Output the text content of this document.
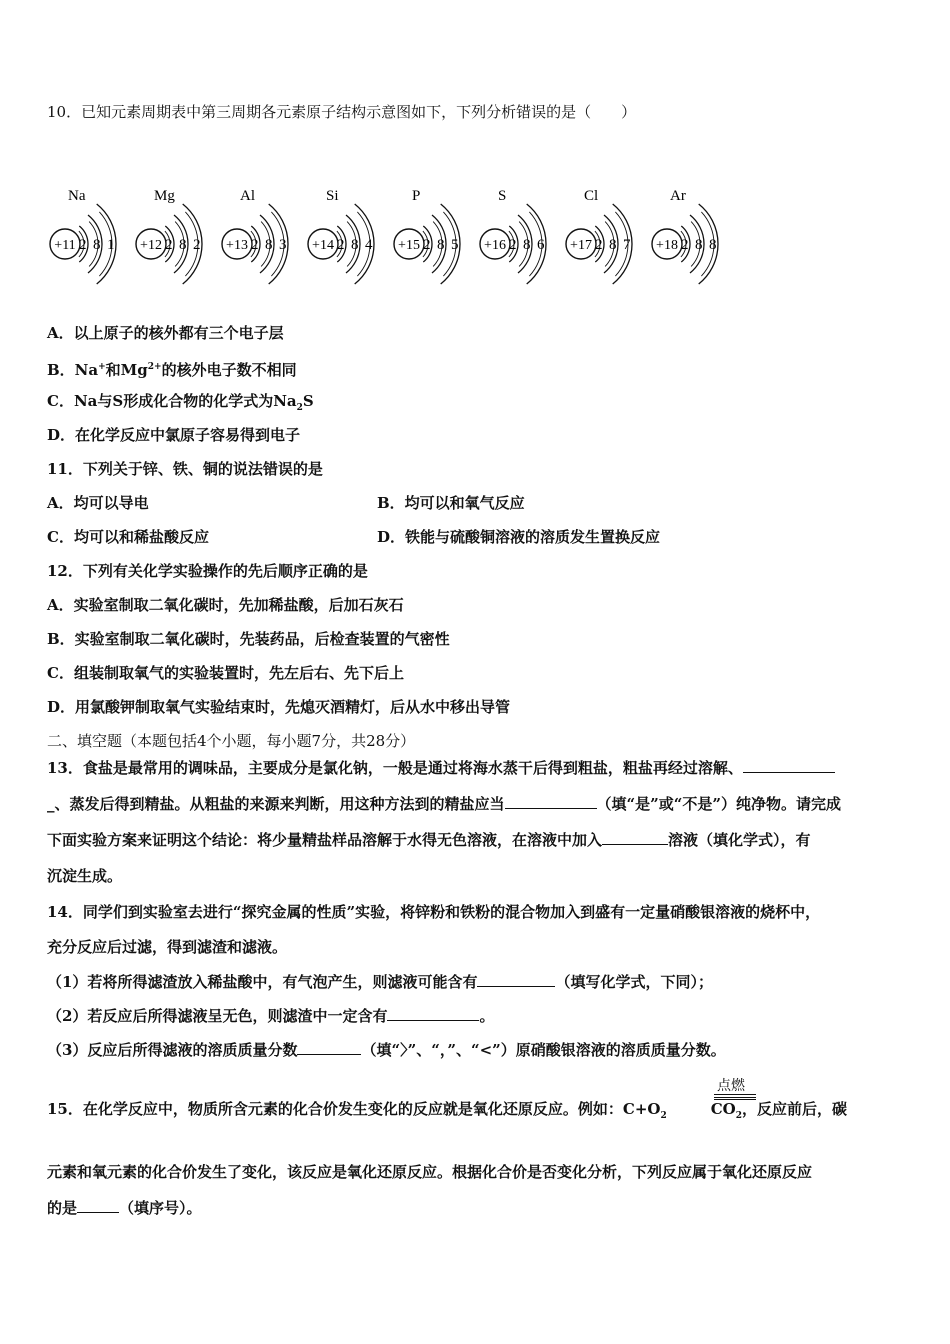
10．已知元素周期表中第三周期各元素原子结构示意图如下，下列分析错误的是（　　）
Na
+11 2 8 1
Mg
+12 2 8 2
Al
+13 2 8 3
Si
+14 2 8 4
P
+15 2 8 5
S
+16 2 8 6
Cl
+17 2 8 7
Ar
+18 2 8 8
A．以上原子的核外都有三个电子层
B．Na+和$Mg^{2+}$的核外电子数不相同
C．Na与S形成化合物的化学式为$Na_2S$
D．在化学反应中氯原子容易得到电子
11．下列关于锌、铁、铜的说法错误的是
A．均可以导电	B．均可以和氧气反应
C．均可以和稀盐酸反应	D．铁能与硫酸铜溶液的溶质发生置换反应
12．下列有关化学实验操作的先后顺序正确的是
A．实验室制取二氧化碳时，先加稀盐酸，后加石灰石
B．实验室制取二氧化碳时，先装药品，后检查装置的气密性
C．组装制取氧气的实验装置时，先左后右、先下后上
D．用氯酸钾制取氧气实验结束时，先熄灭酒精灯，后从水中移出导管
二、填空题（本题包括4个小题，每小题7分，共28分）
13．食盐是最常用的调味品，主要成分是氯化钠，一般是通过将海水蒸干后得到粗盐，粗盐再经过溶解、
_、蒸发后得到精盐。从粗盐的来源来判断，用这种方法到的精盐应当	（填“是”或“不是”）纯净物。请完成
下面实验方案来证明这个结论：将少量精盐样品溶解于水得无色溶液，在溶液中加入	溶液（填化学式），有
沉淀生成。
14．同学们到实验室去进行“探究金属的性质”实验，将锌粉和铁粉的混合物加入到盛有一定量硝酸银溶液的烧杯中，
充分反应后过滤，得到滤渣和滤液。
（1）若将所得滤渣放入稀盐酸中，有气泡产生，则滤液可能含有	（填写化学式，下同）；
（2）若反应后所得滤液呈无色，则滤渣中一定含有	。
（3）反应后所得滤液的溶质质量分数	（填“〉”、“，”、“<”）原硝酸银溶液的溶质质量分数。
15．在化学反应中，物质所含元素的化合价发生变化的反应就是氧化还原反应。例如：$C+O_2$	$CO_2$，反应前后，碳
点燃
元素和氧元素的化合价发生了变化，该反应是氧化还原反应。根据化合价是否变化分析，下列反应属于氧化还原反应
的是	（填序号）。
